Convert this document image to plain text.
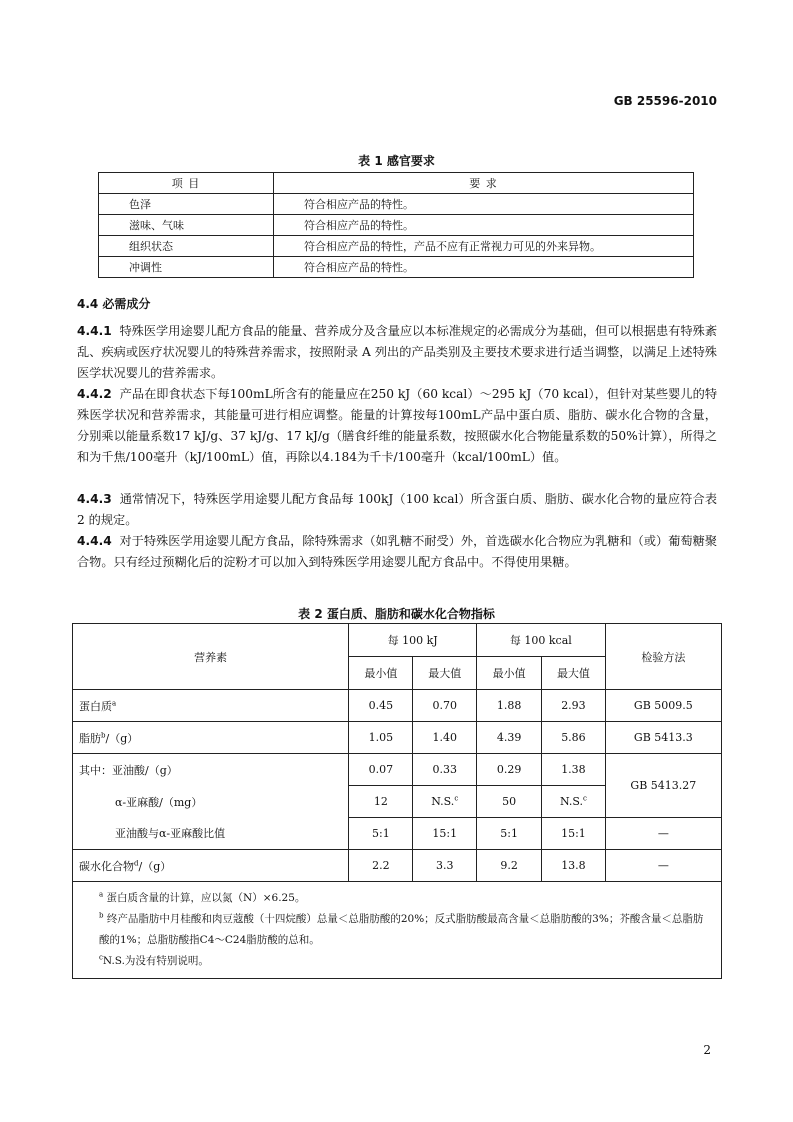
GB 25596-2010
表 1 感官要求
项 目	要 求
色泽	符合相应产品的特性。
滋味、气味	符合相应产品的特性。
组织状态	符合相应产品的特性，产品不应有正常视力可见的外来异物。
冲调性	符合相应产品的特性。
4.4 必需成分
4.4.1 特殊医学用途婴儿配方食品的能量、营养成分及含量应以本标准规定的必需成分为基础，但可以根据患有特殊紊乱、疾病或医疗状况婴儿的特殊营养需求，按照附录 A 列出的产品类别及主要技术要求进行适当调整，以满足上述特殊医学状况婴儿的营养需求。
4.4.2 产品在即食状态下每100mL所含有的能量应在250 kJ（60 kcal）～295 kJ（70 kcal），但针对某些婴儿的特殊医学状况和营养需求，其能量可进行相应调整。能量的计算按每100mL产品中蛋白质、脂肪、碳水化合物的含量，分别乘以能量系数17 kJ/g、37 kJ/g、17 kJ/g（膳食纤维的能量系数，按照碳水化合物能量系数的50%计算），所得之和为千焦/100毫升（kJ/100mL）值，再除以4.184为千卡/100毫升（kcal/100mL）值。
4.4.3 通常情况下，特殊医学用途婴儿配方食品每 100kJ（100 kcal）所含蛋白质、脂肪、碳水化合物的量应符合表 2 的规定。
4.4.4 对于特殊医学用途婴儿配方食品，除特殊需求（如乳糖不耐受）外，首选碳水化合物应为乳糖和（或）葡萄糖聚合物。只有经过预糊化后的淀粉才可以加入到特殊医学用途婴儿配方食品中。不得使用果糖。
表 2 蛋白质、脂肪和碳水化合物指标
营养素	每 100 kJ		每 100 kcal		检验方法
	最小值	最大值	最小值	最大值	
蛋白质$^a$	0.45	0.70	1.88	2.93	GB 5009.5
脂肪$^b$/（g）	1.05	1.40	4.39	5.86	GB 5413.3
其中：亚油酸/（g）	0.07	0.33	0.29	1.38	GB 5413.27
α-亚麻酸/（mg）	12	N.S.$^c$	50	N.S.$^c$
亚油酸与α-亚麻酸比值	5:1	15:1	5:1	15:1	—
碳水化合物$^d$/（g）	2.2	3.3	9.2	13.8	—

$^a$ 蛋白质含量的计算，应以氮（N）×6.25。

$^b$ 终产品脂肪中月桂酸和肉豆蔻酸（十四烷酸）总量＜总脂肪酸的20%；反式脂肪酸最高含量＜总脂肪酸的3%；芥酸含量＜总脂肪酸的1%；总脂肪酸指C4～C24脂肪酸的总和。

$^c$N.S.为没有特别说明。					

2
